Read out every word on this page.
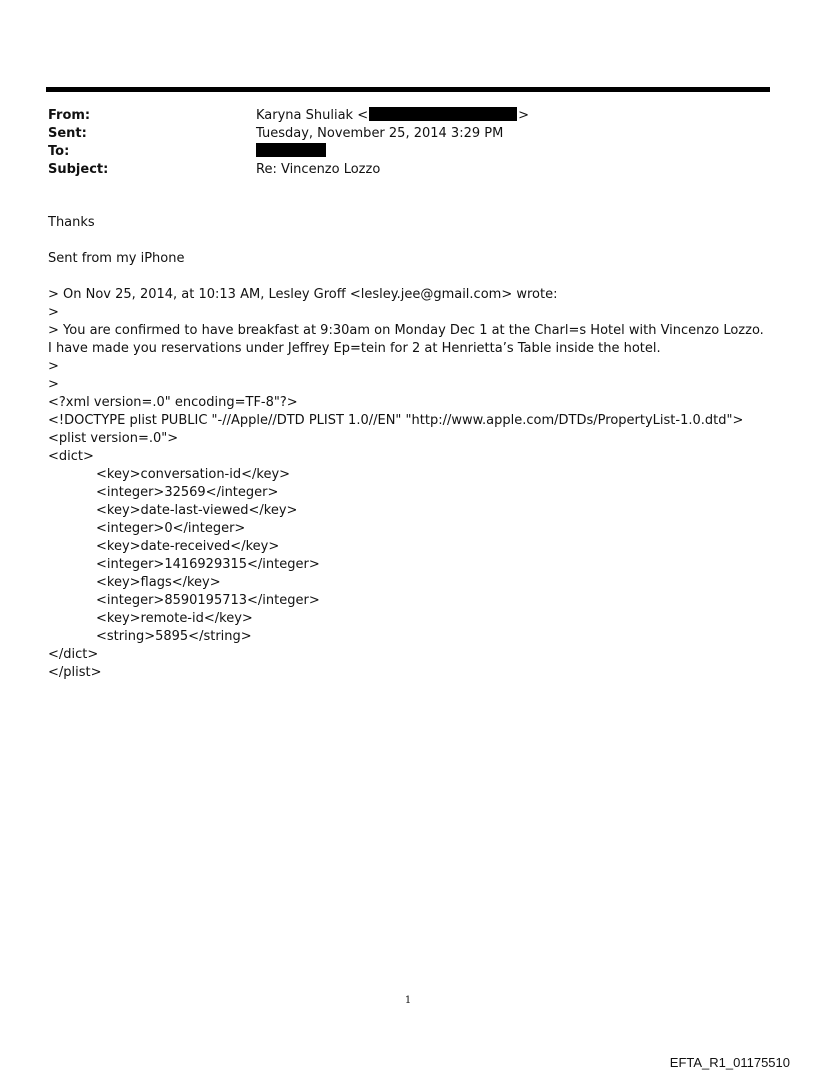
From:	Karyna Shuliak <	>
Sent:	Tuesday, November 25, 2014 3:29 PM
To:
Subject:	Re: Vincenzo Lozzo

Thanks

Sent from my iPhone

> On Nov 25, 2014, at 10:13 AM, Lesley Groff <lesley.jee@gmail.com> wrote:

>

> You are confirmed to have breakfast at 9:30am on Monday Dec 1 at the Charl=s Hotel with Vincenzo Lozzo. I have made you reservations under Jeffrey Ep=tein for 2 at Henrietta’s Table inside the hotel.

>

>

<?xml version=.0" encoding=TF-8"?>

<!DOCTYPE plist PUBLIC "-//Apple//DTD PLIST 1.0//EN" "http://www.apple.com/DTDs/PropertyList-1.0.dtd">

<plist version=.0">

<dict>

<key>conversation-id</key>

<integer>32569</integer>

<key>date-last-viewed</key>

<integer>0</integer>

<key>date-received</key>

<integer>1416929315</integer>

<key>flags</key>

<integer>8590195713</integer>

<key>remote-id</key>

<string>5895</string>

</dict>

</plist>

1
EFTA_R1_01175510
